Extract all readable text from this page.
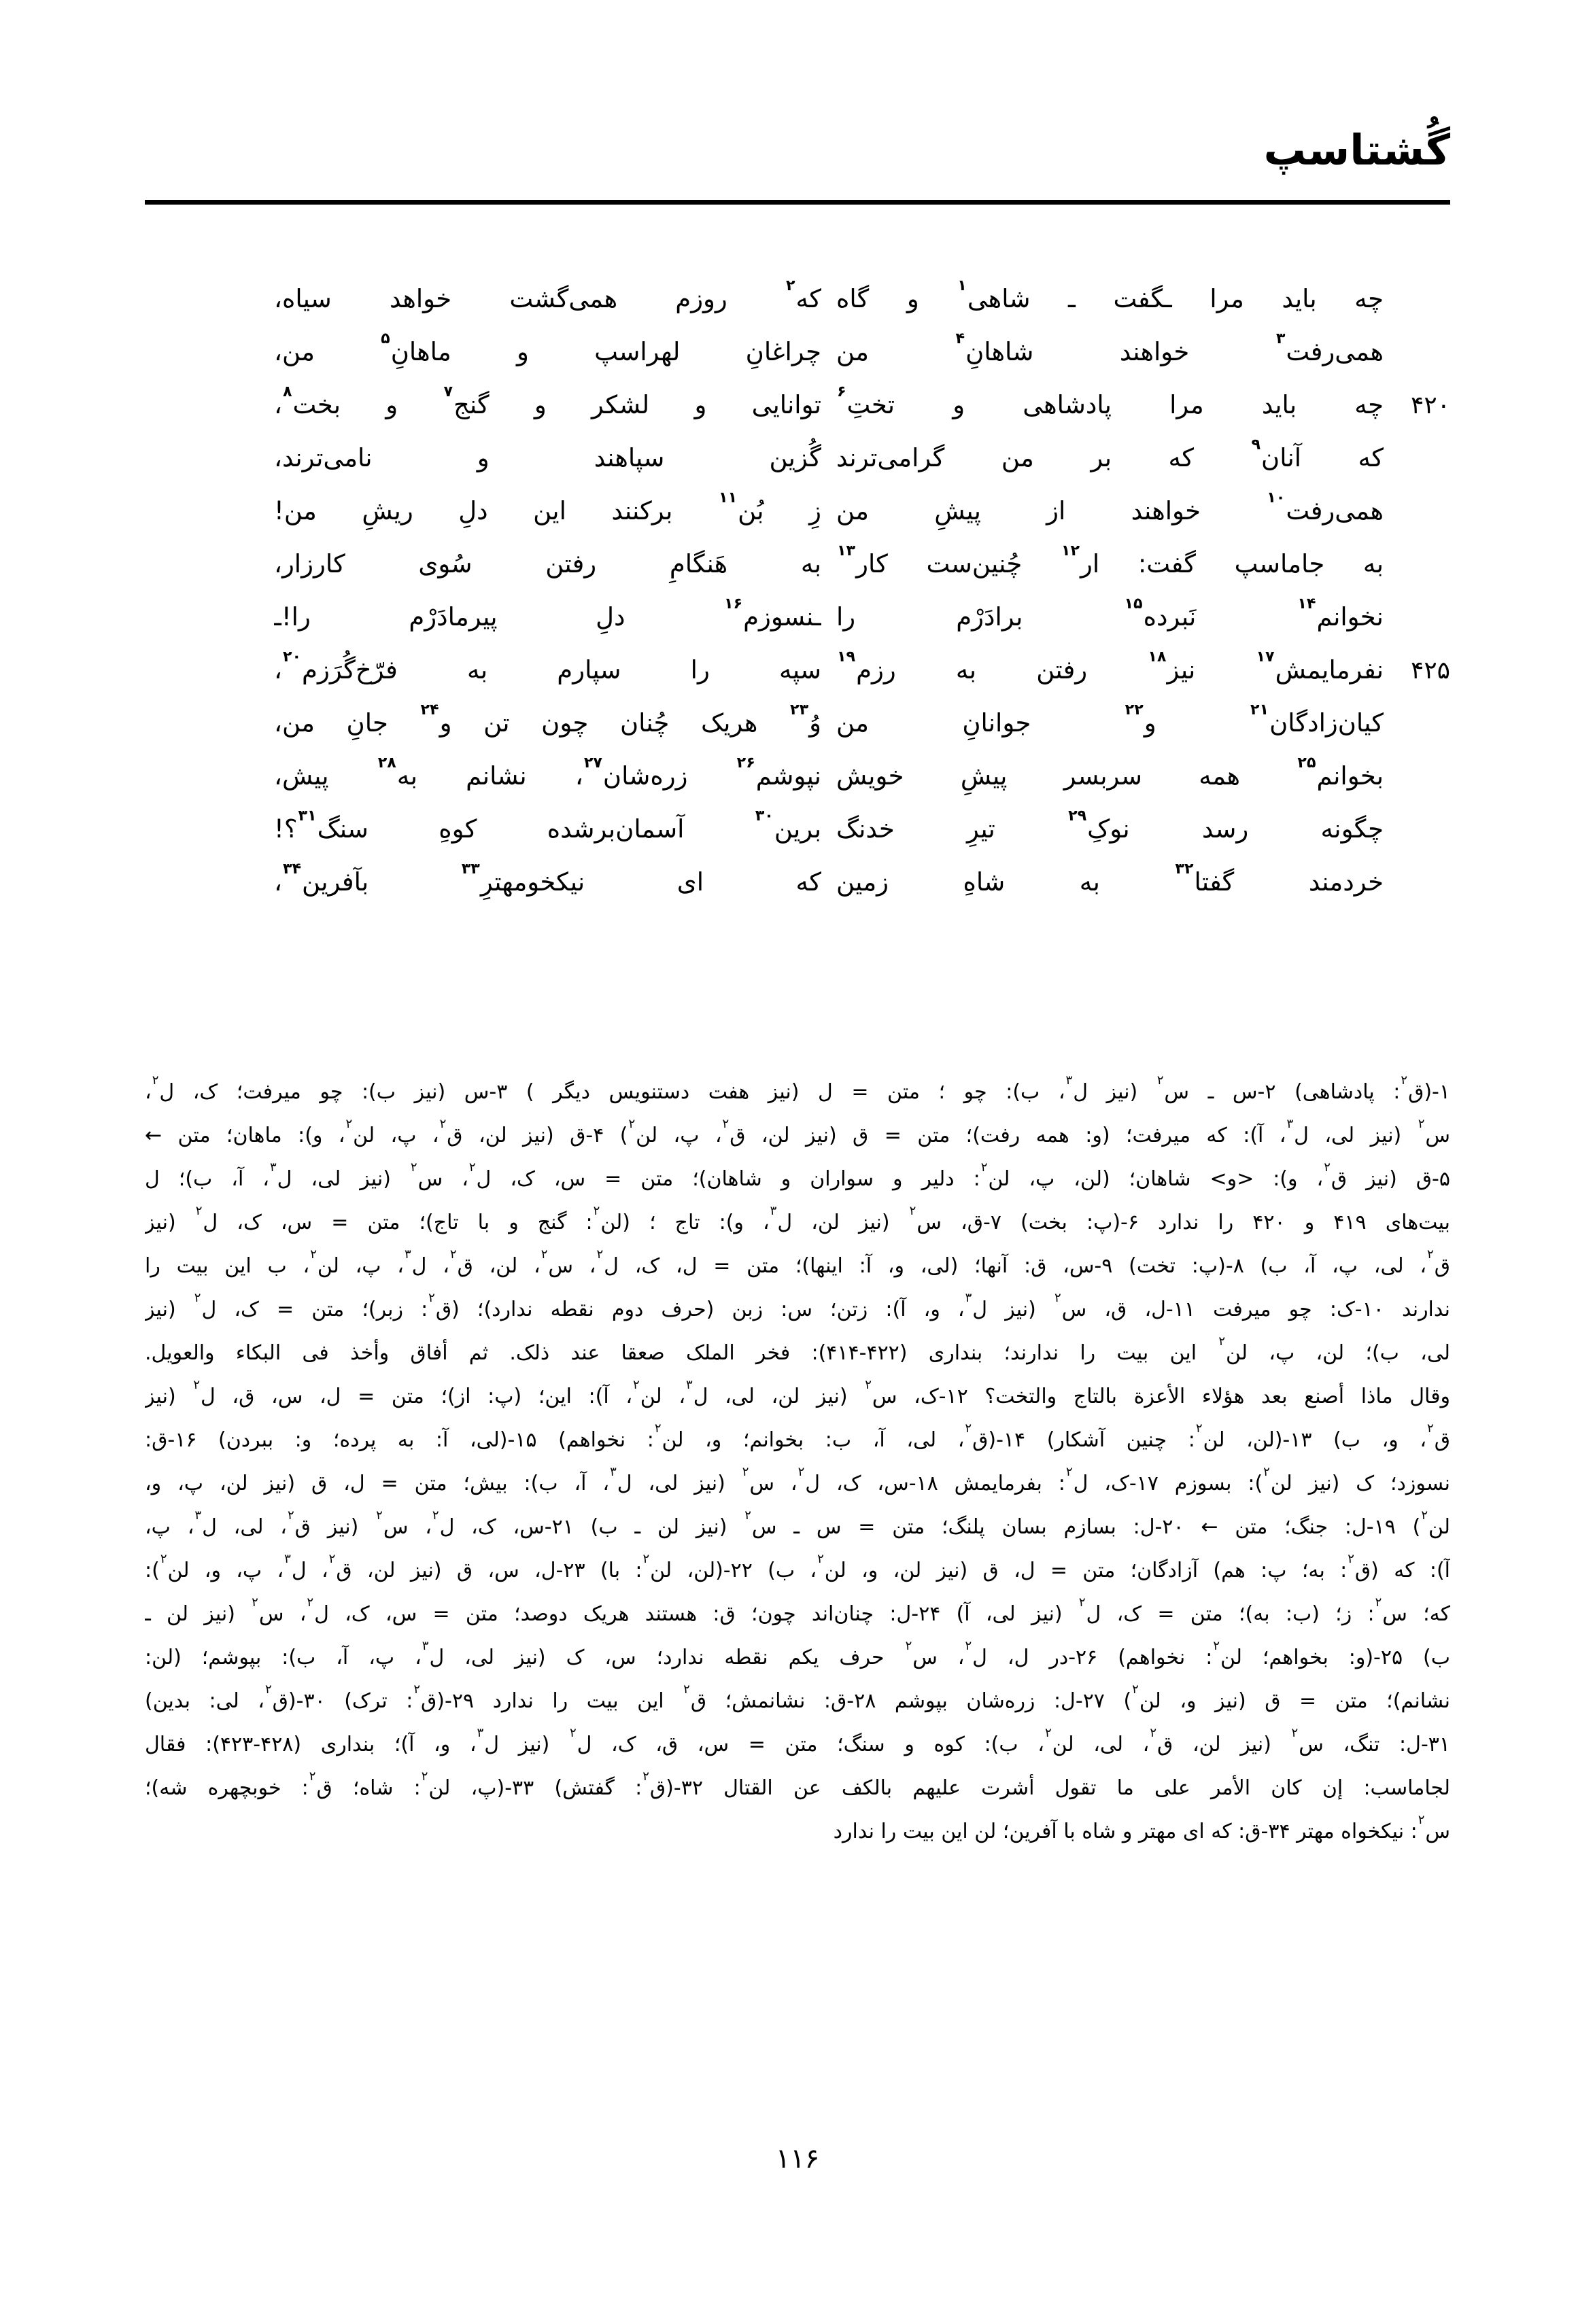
گُشتاسپ
چه باید مرا ـگفت ـ شاهی$^۱$ و گاه
که$^۲$ روزم همی‌گشت خواهد سیاه،
همی‌رفت$^۳$ خواهند شاهانِ$^۴$ من
چراغانِ لهراسپ و ماهانِ$^۵$ من،
۴۲۰
چه باید مرا پادشاهی و تختِ$^۶$
توانایی و لشکر و گنج$^۷$ و بخت$^۸$،
که آنان$^۹$ که بر من گرامی‌ترند
گُزین سپاهند و نامی‌ترند،
همی‌رفت$^{۱۰}$ خواهند از پیشِ من
زِ بُن$^{۱۱}$ برکنند این دلِ ریشِ من!
به جاماسپ گفت: ار$^{۱۲}$ چُنین‌ست کار$^{۱۳}$
به هَنگامِ رفتن سُوی کارزار،
نخوانم$^{۱۴}$ نَبرده$^{۱۵}$ برادَرْم را
ـنسوزم$^{۱۶}$ دلِ پیرمادَرْم را!ـ
۴۲۵
نفرمایمش$^{۱۷}$ نیز$^{۱۸}$ رفتن به رزم$^{۱۹}$
سپه را سپارم به فرّخ‌گُرَزم$^{۲۰}$،
کیان‌زادگان$^{۲۱}$ و$^{۲۲}$ جوانانِ من
وُ$^{۲۳}$ هریک چُنان چون تن و$^{۲۴}$ جانِ من،
بخوانم$^{۲۵}$ همه سربسر پیشِ خویش
نپوشم$^{۲۶}$ زره‌شان$^{۲۷}$، نشانم به$^{۲۸}$ پیش،
چگونه رسد نوکِ$^{۲۹}$ تیرِ خدنگ
برین$^{۳۰}$ آسمان‌برشده کوهِ سنگ$^{۳۱}$؟!
خردمند گفتا$^{۳۲}$ به شاهِ زمین
که ای نیکخومهترِ$^{۳۳}$ بآفرین$^{۳۴}$،
۱-(ق$^۲$: پادشاهی) ۲-س ـ س$^۲$ (نیز ل$^۳$، ب): چو ؛ متن = ل (نیز هفت دستنویس دیگر ) ۳-س (نیز ب): چو میرفت؛ ک، ل$^۲$،
س$^۲$ (نیز لی، ل$^۳$، آ): که میرفت؛ (و: همه رفت)؛ متن = ق (نیز لن، ق$^۲$، پ، لن$^۲$) ۴-ق (نیز لن، ق$^۲$، پ، لن$^۲$، و): ماهان؛ متن ←
۵-ق (نیز ق$^۲$، و): <و> شاهان؛ (لن، پ، لن$^۲$: دلیر و سواران و شاهان)؛ متن = س، ک، ل$^۲$، س$^۲$ (نیز لی، ل$^۳$، آ، ب)؛ ل
بیت‌های ۴۱۹ و ۴۲۰ را ندارد ۶-(پ: بخت) ۷-ق، س$^۲$ (نیز لن، ل$^۳$، و): تاج ؛ (لن$^۲$: گنج و با تاج)؛ متن = س، ک، ل$^۲$ (نیز
ق$^۲$، لی، پ، آ، ب) ۸-(پ: تخت) ۹-س، ق: آنها؛ (لی، و، آ: اینها)؛ متن = ل، ک، ل$^۲$، س$^۲$، لن، ق$^۲$، ل$^۳$، پ، لن$^۲$، ب این بیت را
ندارند ۱۰-ک: چو میرفت ۱۱-ل، ق، س$^۲$ (نیز ل$^۳$، و، آ): زتن؛ س: زبن (حرف دوم نقطه ندارد)؛ (ق$^۲$: زبر)؛ متن = ک، ل$^۲$ (نیز
لی، ب)؛ لن، پ، لن$^۲$ این بیت را ندارند؛ بنداری (۴۲۲-۴۱۴): فخر الملک صعقا عند ذلک. ثم أفاق وأخذ فی البکاء والعویل.
وقال ماذا أصنع بعد هؤلاء الأعزة بالتاج والتخت؟ ۱۲-ک، س$^۲$ (نیز لن، لی، ل$^۳$، لن$^۲$، آ): این؛ (پ: از)؛ متن = ل، س، ق، ل$^۲$ (نیز
ق$^۲$، و، ب) ۱۳-(لن، لن$^۲$: چنین آشکار) ۱۴-(ق$^۲$، لی، آ، ب: بخوانم؛ و، لن$^۲$: نخواهم) ۱۵-(لی، آ: به پرده؛ و: ببردن) ۱۶-ق:
نسوزد؛ ک (نیز لن$^۲$): بسوزم ۱۷-ک، ل$^۲$: بفرمایمش ۱۸-س، ک، ل$^۲$، س$^۲$ (نیز لی، ل$^۳$، آ، ب): بیش؛ متن = ل، ق (نیز لن، پ، و،
لن$^۲$) ۱۹-ل: جنگ؛ متن ← ۲۰-ل: بسازم بسان پلنگ؛ متن = س ـ س$^۲$ (نیز لن ـ ب) ۲۱-س، ک، ل$^۲$، س$^۲$ (نیز ق$^۲$، لی، ل$^۳$، پ،
آ): که (ق$^۲$: به؛ پ: هم) آزادگان؛ متن = ل، ق (نیز لن، و، لن$^۲$، ب) ۲۲-(لن، لن$^۲$: با) ۲۳-ل، س، ق (نیز لن، ق$^۲$، ل$^۳$، پ، و، لن$^۲$):
که؛ س$^۲$: ز؛ (ب: به)؛ متن = ک، ل$^۲$ (نیز لی، آ) ۲۴-ل: چنان‌اند چون؛ ق: هستند هریک دوصد؛ متن = س، ک، ل$^۲$، س$^۲$ (نیز لن ـ
ب) ۲۵-(و: بخواهم؛ لن$^۲$: نخواهم) ۲۶-در ل، ل$^۲$، س$^۲$ حرف یکم نقطه ندارد؛ س، ک (نیز لی، ل$^۳$، پ، آ، ب): بپوشم؛ (لن:
نشانم)؛ متن = ق (نیز و، لن$^۲$) ۲۷-ل: زره‌شان بپوشم ۲۸-ق: نشانمش؛ ق$^۲$ این بیت را ندارد ۲۹-(ق$^۲$: ترک) ۳۰-(ق$^۲$، لی: بدین)
۳۱-ل: تنگ، س$^۲$ (نیز لن، ق$^۲$، لی، لن$^۲$، ب): کوه و سنگ؛ متن = س، ق، ک، ل$^۲$ (نیز ل$^۳$، و، آ)؛ بنداری (۴۲۸-۴۲۳): فقال
لجاماسب: إن کان الأمر علی ما تقول أشرت علیهم بالکف عن القتال ۳۲-(ق$^۲$: گفتش) ۳۳-(پ، لن$^۲$: شاه؛ ق$^۲$: خوبچهره شه)؛
س$^۲$: نیکخواه مهتر ۳۴-ق: که ای مهتر و شاه با آفرین؛ لن این بیت را ندارد
۱۱۶
